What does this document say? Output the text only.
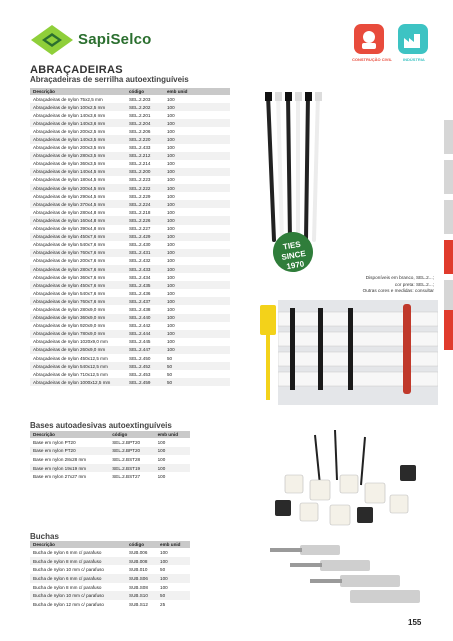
SapiSelco
CONSTRUÇÃO CIVIL	INDÚSTRIA
ABRAÇADEIRAS
Abraçadeiras de serrilha autoextinguíveis
Descrição	código	emb unid
Abraçadeiras de nylon 75x2,5 mm	SEL.2.203	100
Abraçadeiras de nylon 100x2,5 mm	SEL.2.202	100
Abraçadeiras de nylon 140x3,6 mm	SEL.2.201	100
Abraçadeiras de nylon 140x3,6 mm	SEL.2.204	100
Abraçadeiras de nylon 200x2,5 mm	SEL.2.206	100
Abraçadeiras de nylon 140x3,5 mm	SEL.2.220	100
Abraçadeiras de nylon 200x3,5 mm	SEL.2.433	100
Abraçadeiras de nylon 280x3,5 mm	SEL.2.212	100
Abraçadeiras de nylon 360x3,5 mm	SEL.2.214	100
Abraçadeiras de nylon 140x4,5 mm	SEL.2.200	100
Abraçadeiras de nylon 180x4,5 mm	SEL.2.223	100
Abraçadeiras de nylon 200x4,5 mm	SEL.2.222	100
Abraçadeiras de nylon 290x4,5 mm	SEL.2.229	100
Abraçadeiras de nylon 370x4,5 mm	SEL.2.224	100
Abraçadeiras de nylon 280x4,8 mm	SEL.2.218	100
Abraçadeiras de nylon 160x4,8 mm	SEL.2.226	100
Abraçadeiras de nylon 390x4,8 mm	SEL.2.227	100
Abraçadeiras de nylon 450x7,6 mm	SEL.2.429	100
Abraçadeiras de nylon 540x7,6 mm	SEL.2.430	100
Abraçadeiras de nylon 760x7,6 mm	SEL.2.431	100
Abraçadeiras de nylon 200x7,6 mm	SEL.2.432	100
Abraçadeiras de nylon 280x7,6 mm	SEL.2.433	100
Abraçadeiras de nylon 360x7,6 mm	SEL.2.434	100
Abraçadeiras de nylon 450x7,6 mm	SEL.2.435	100
Abraçadeiras de nylon 540x7,6 mm	SEL.2.436	100
Abraçadeiras de nylon 760x7,6 mm	SEL.2.437	100
Abraçadeiras de nylon 280x9,0 mm	SEL.2.438	100
Abraçadeiras de nylon 360x9,0 mm	SEL.2.440	100
Abraçadeiras de nylon 920x9,0 mm	SEL.2.442	100
Abraçadeiras de nylon 780x9,0 mm	SEL.2.444	100
Abraçadeiras de nylon 1020x9,0 mm	SEL.2.445	100
Abraçadeiras de nylon 260x9,0 mm	SEL.2.447	100
Abraçadeiras de nylon 450x12,5 mm	SEL.2.450	50
Abraçadeiras de nylon 540x12,5 mm	SEL.2.452	50
Abraçadeiras de nylon 710x12,5 mm	SEL.2.453	50
Abraçadeiras de nylon 1000x12,5 mm	SEL.2.459	50
TIES SINCE 1970
Disponíveis em branco, SEL.2...;
cor preta: SEL.2...;
Outras cores e medidas: consultar
Bases autoadesivas autoextinguíveis
Descrição	código	emb unid
Base em nylon PT20	SEL.2.BPT20	100
Base em nylon PT20	SEL.2.BPT20	100
Base em nylon 28x28 mm	SEL.2.BST28	100
Base em nylon 19x19 mm	SEL.2.BST19	100
Base em nylon 27x27 mm	SEL.2.BST27	100
Buchas
Descrição	código	emb unid
Bucha de nylon 6 mm c/ parafuso	SUB.006	100
Bucha de nylon 8 mm c/ parafuso	SUB.008	100
Bucha de nylon 10 mm c/ parafuso	SUB.010	50
Bucha de nylon 6 mm c/ parafuso	SUB.S06	100
Bucha de nylon 8 mm c/ parafuso	SUB.S08	100
Bucha de nylon 10 mm c/ parafuso	SUB.S10	50
Bucha de nylon 12 mm c/ parafuso	SUB.S12	25
155
